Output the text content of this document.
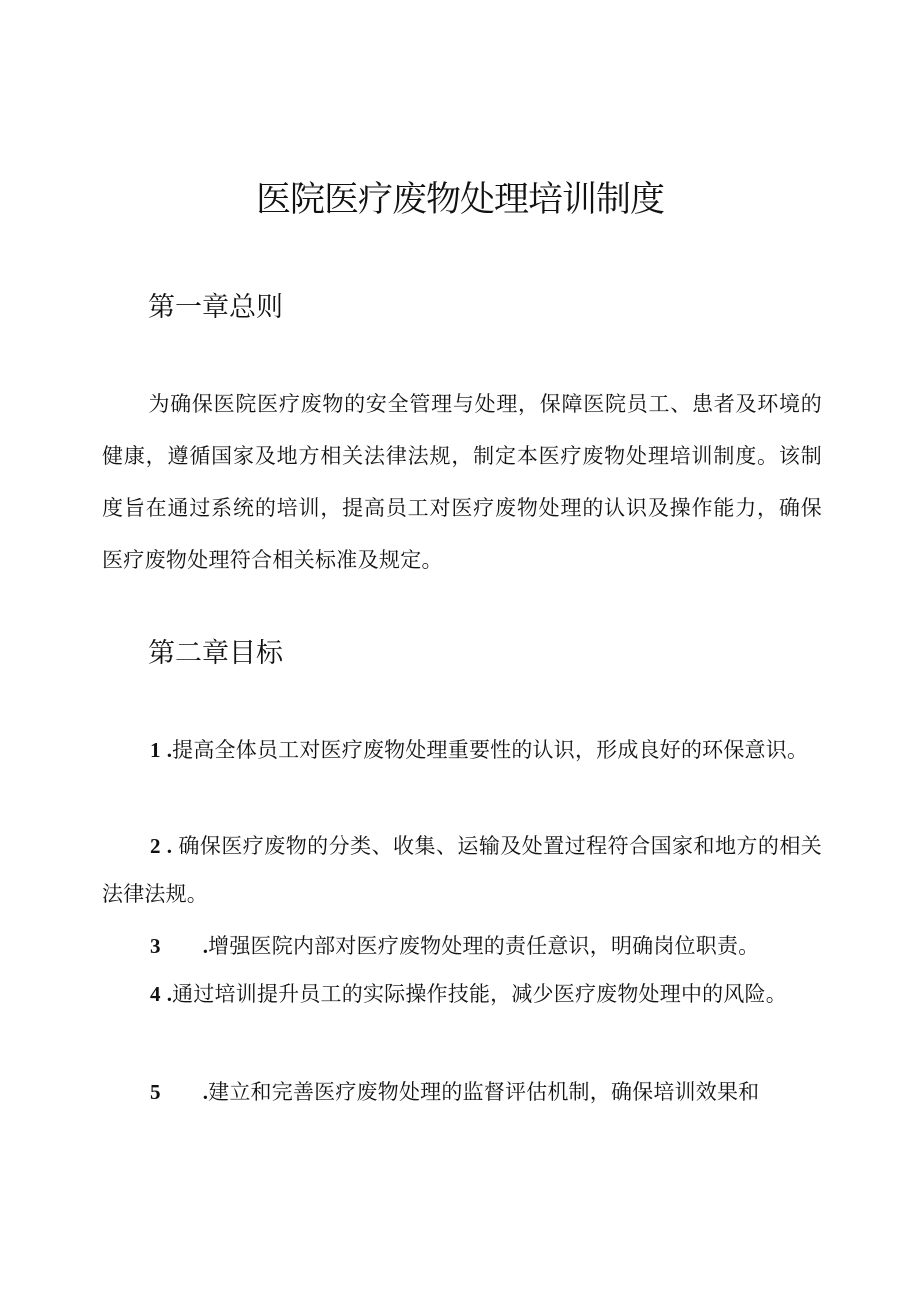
医院医疗废物处理培训制度
第一章总则
为确保医院医疗废物的安全管理与处理，保障医院员工、患者及环境的健康，遵循国家及地方相关法律法规，制定本医疗废物处理培训制度。该制度旨在通过系统的培训，提高员工对医疗废物处理的认识及操作能力，确保医疗废物处理符合相关标准及规定。
第二章目标
1 .提高全体员工对医疗废物处理重要性的认识，形成良好的环保意识。
2 . 确保医疗废物的分类、收集、运输及处置过程符合国家和地方的相关法律法规。
3 .增强医院内部对医疗废物处理的责任意识，明确岗位职责。
4 .通过培训提升员工的实际操作技能，减少医疗废物处理中的风险。
5 .建立和完善医疗废物处理的监督评估机制，确保培训效果和
